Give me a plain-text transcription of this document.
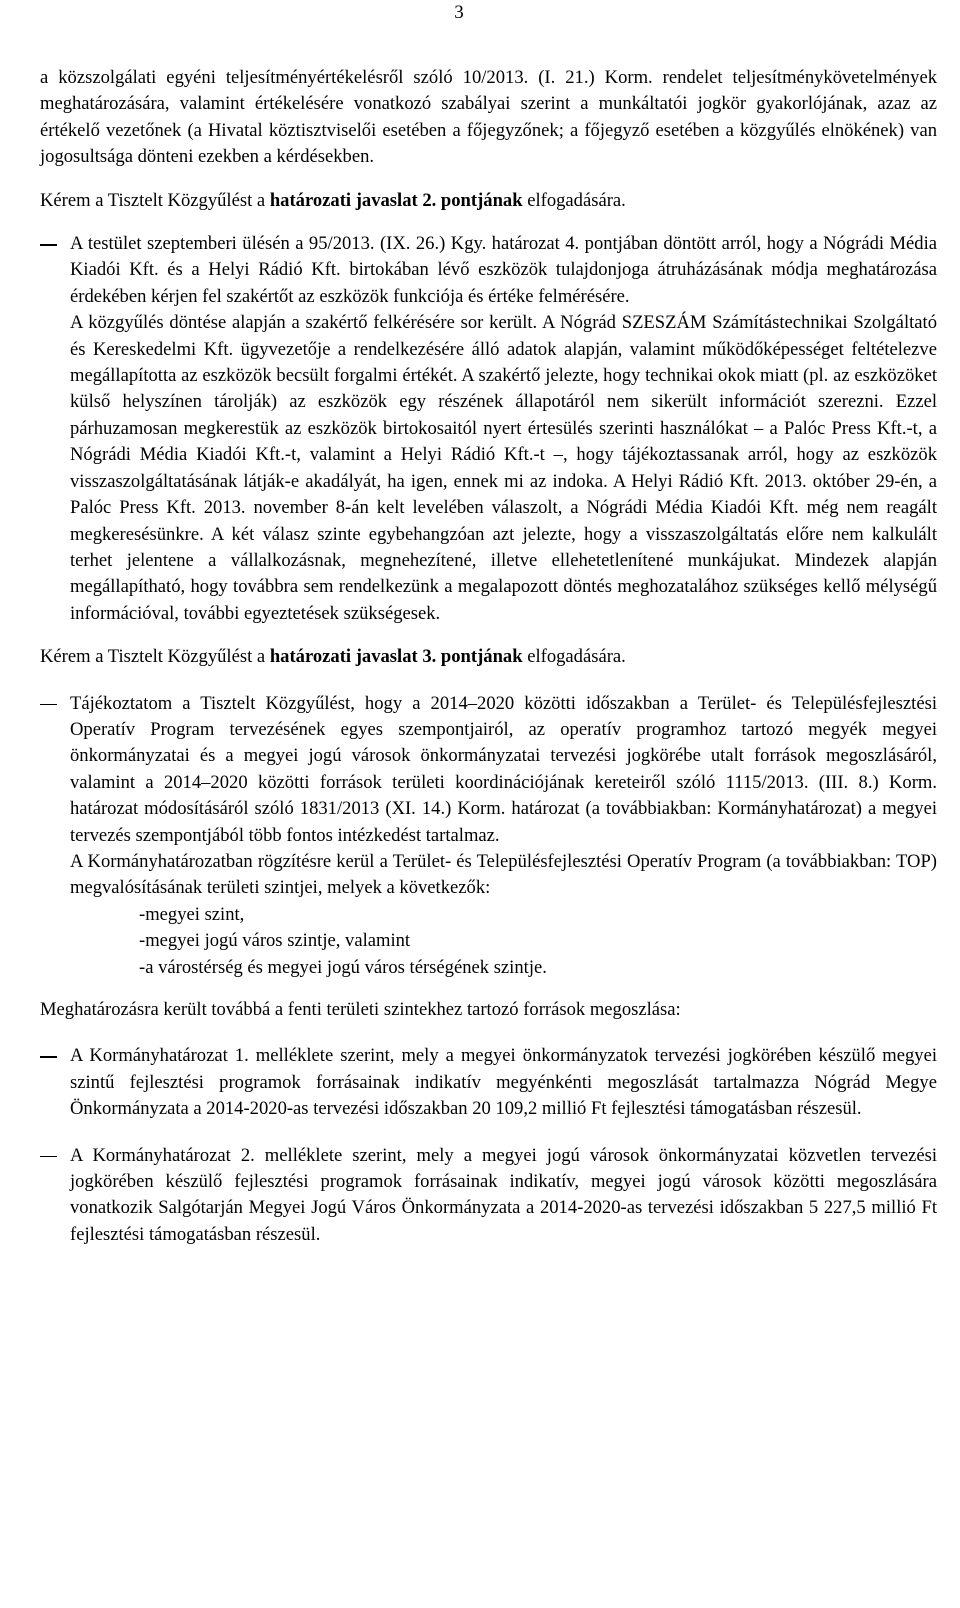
3

a közszolgálati egyéni teljesítményértékelésről szóló 10/2013. (I. 21.) Korm. rendelet teljesítménykövetelmények meghatározására, valamint értékelésére vonatkozó szabályai szerint a munkáltatói jogkör gyakorlójának, azaz az értékelő vezetőnek (a Hivatal köztisztviselői esetében a főjegyzőnek; a főjegyző esetében a közgyűlés elnökének) van jogosultsága dönteni ezekben a kérdésekben.

Kérem a Tisztelt Közgyűlést a határozati javaslat 2. pontjának elfogadására.

A testület szeptemberi ülésén a 95/2013. (IX. 26.) Kgy. határozat 4. pontjában döntött arról, hogy a Nógrádi Média Kiadói Kft. és a Helyi Rádió Kft. birtokában lévő eszközök tulajdonjoga átruházásának módja meghatározása érdekében kérjen fel szakértőt az eszközök funkciója és értéke felmérésére.

A közgyűlés döntése alapján a szakértő felkérésére sor került. A Nógrád SZESZÁM Számítástechnikai Szolgáltató és Kereskedelmi Kft. ügyvezetője a rendelkezésére álló adatok alapján, valamint működőképességet feltételezve megállapította az eszközök becsült forgalmi értékét. A szakértő jelezte, hogy technikai okok miatt (pl. az eszközöket külső helyszínen tárolják) az eszközök egy részének állapotáról nem sikerült információt szerezni. Ezzel párhuzamosan megkerestük az eszközök birtokosaitól nyert értesülés szerinti használókat – a Palóc Press Kft.-t, a Nógrádi Média Kiadói Kft.-t, valamint a Helyi Rádió Kft.-t –, hogy tájékoztassanak arról, hogy az eszközök visszaszolgáltatásának látják-e akadályát, ha igen, ennek mi az indoka. A Helyi Rádió Kft. 2013. október 29-én, a Palóc Press Kft. 2013. november 8-án kelt levelében válaszolt, a Nógrádi Média Kiadói Kft. még nem reagált megkeresésünkre. A két válasz szinte egybehangzóan azt jelezte, hogy a visszaszolgáltatás előre nem kalkulált terhet jelentene a vállalkozásnak, megnehezítené, illetve ellehetetlenítené munkájukat. Mindezek alapján megállapítható, hogy továbbra sem rendelkezünk a megalapozott döntés meghozatalához szükséges kellő mélységű információval, további egyeztetések szükségesek.

Kérem a Tisztelt Közgyűlést a határozati javaslat 3. pontjának elfogadására.

Tájékoztatom a Tisztelt Közgyűlést, hogy a 2014–2020 közötti időszakban a Terület- és Településfejlesztési Operatív Program tervezésének egyes szempontjairól, az operatív programhoz tartozó megyék megyei önkormányzatai és a megyei jogú városok önkormányzatai tervezési jogkörébe utalt források megoszlásáról, valamint a 2014–2020 közötti források területi koordinációjának kereteiről szóló 1115/2013. (III. 8.) Korm. határozat módosításáról szóló 1831/2013 (XI. 14.) Korm. határozat (a továbbiakban: Kormányhatározat) a megyei tervezés szempontjából több fontos intézkedést tartalmaz.

A Kormányhatározatban rögzítésre kerül a Terület- és Településfejlesztési Operatív Program (a továbbiakban: TOP) megvalósításának területi szintjei, melyek a következők:

-megyei szint,
-megyei jogú város szintje, valamint
-a várostérség és megyei jogú város térségének szintje.

Meghatározásra került továbbá a fenti területi szintekhez tartozó források megoszlása:

A Kormányhatározat 1. melléklete szerint, mely a megyei önkormányzatok tervezési jogkörében készülő megyei szintű fejlesztési programok forrásainak indikatív megyénkénti megoszlását tartalmazza Nógrád Megye Önkormányzata a 2014-2020-as tervezési időszakban 20 109,2 millió Ft fejlesztési támogatásban részesül.

A Kormányhatározat 2. melléklete szerint, mely a megyei jogú városok önkormányzatai közvetlen tervezési jogkörében készülő fejlesztési programok forrásainak indikatív, megyei jogú városok közötti megoszlására vonatkozik Salgótarján Megyei Jogú Város Önkormányzata a 2014-2020-as tervezési időszakban 5 227,5 millió Ft fejlesztési támogatásban részesül.
